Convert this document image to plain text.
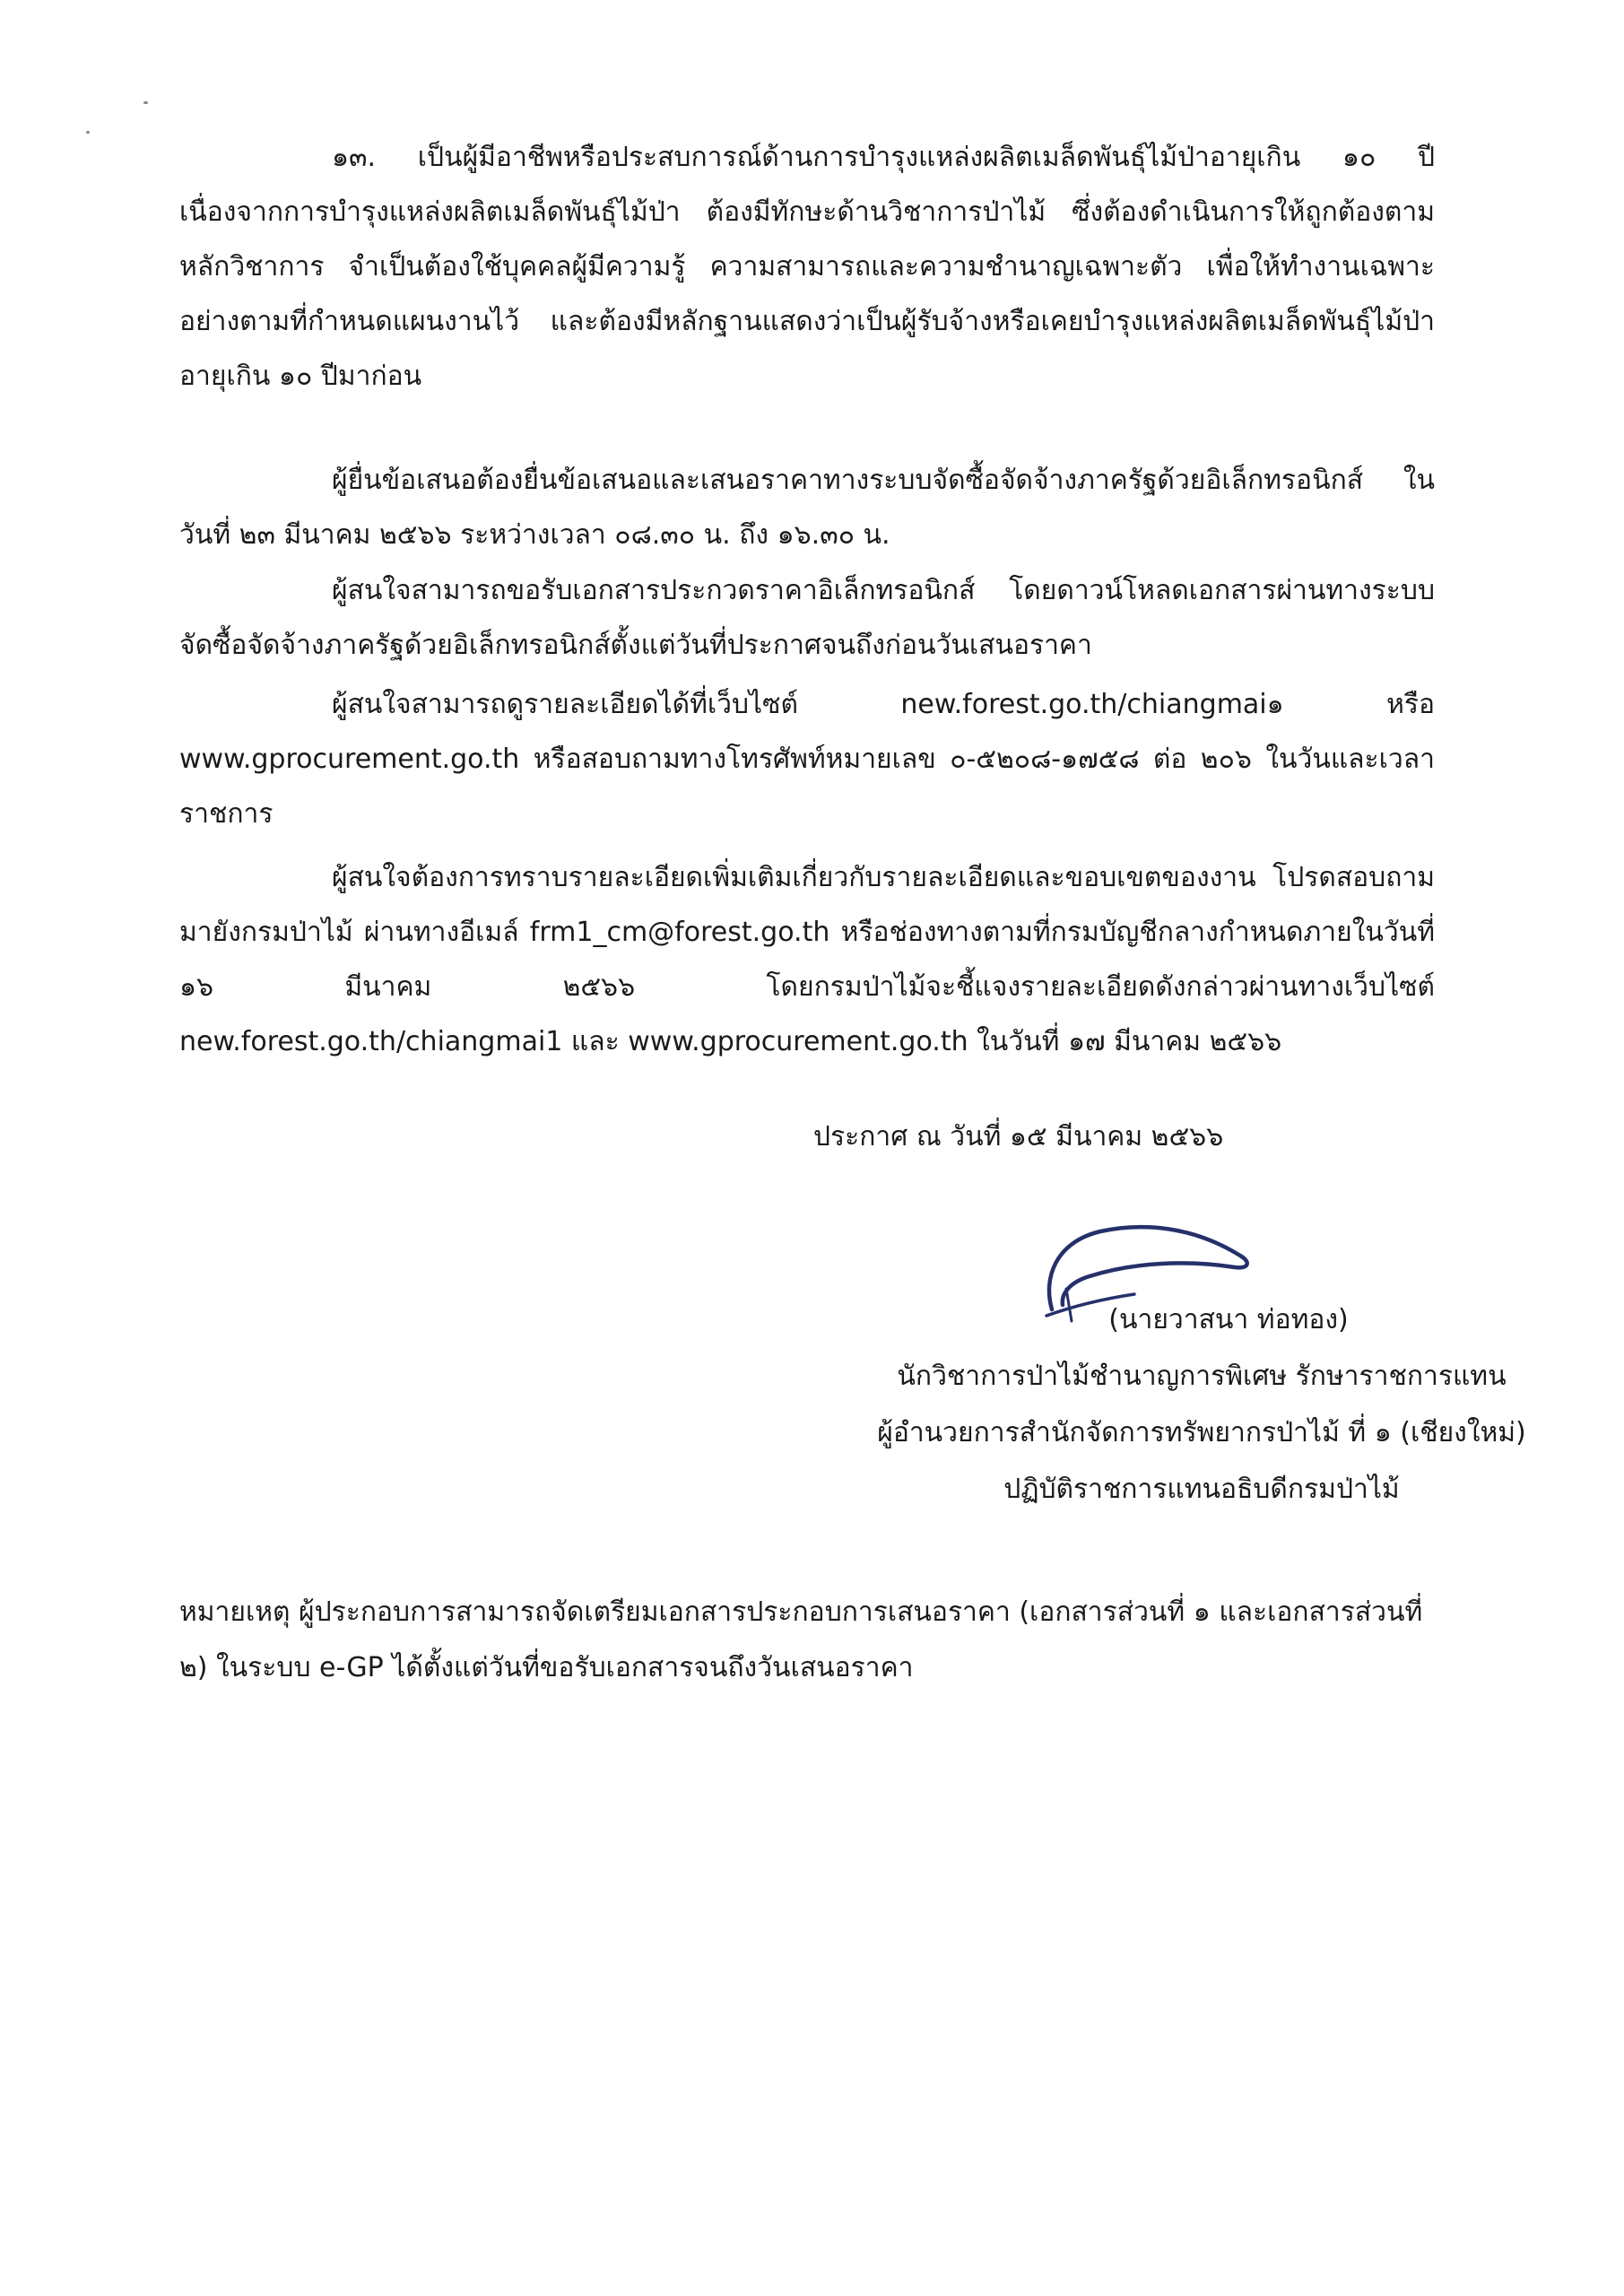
๑๓. เป็นผู้มีอาชีพหรือประสบการณ์ด้านการบำรุงแหล่งผลิตเมล็ดพันธุ์ไม้ป่าอายุเกิน ๑๐ ปี เนื่องจากการบำรุงแหล่งผลิตเมล็ดพันธุ์ไม้ป่า ต้องมีทักษะด้านวิชาการป่าไม้ ซึ่งต้องดำเนินการให้ถูกต้องตามหลักวิชาการ จำเป็นต้องใช้บุคคลผู้มีความรู้ ความสามารถและความชำนาญเฉพาะตัว เพื่อให้ทำงานเฉพาะอย่างตามที่กำหนดแผนงานไว้ และต้องมีหลักฐานแสดงว่าเป็นผู้รับจ้างหรือเคยบำรุงแหล่งผลิตเมล็ดพันธุ์ไม้ป่าอายุเกิน ๑๐ ปีมาก่อน

ผู้ยื่นข้อเสนอต้องยื่นข้อเสนอและเสนอราคาทางระบบจัดซื้อจัดจ้างภาครัฐด้วยอิเล็กทรอนิกส์ ในวันที่ ๒๓ มีนาคม ๒๕๖๖ ระหว่างเวลา ๐๘.๓๐ น. ถึง ๑๖.๓๐ น.

ผู้สนใจสามารถขอรับเอกสารประกวดราคาอิเล็กทรอนิกส์ โดยดาวน์โหลดเอกสารผ่านทางระบบจัดซื้อจัดจ้างภาครัฐด้วยอิเล็กทรอนิกส์ตั้งแต่วันที่ประกาศจนถึงก่อนวันเสนอราคา

ผู้สนใจสามารถดูรายละเอียดได้ที่เว็บไซต์ new.forest.go.th/chiangmai๑ หรือ www.gprocurement.go.th หรือสอบถามทางโทรศัพท์หมายเลข ๐-๕๒๐๘-๑๗๕๘ ต่อ ๒๐๖ ในวันและเวลาราชการ

ผู้สนใจต้องการทราบรายละเอียดเพิ่มเติมเกี่ยวกับรายละเอียดและขอบเขตของงาน โปรดสอบถามมายังกรมป่าไม้ ผ่านทางอีเมล์ frm1_cm@forest.go.th หรือช่องทางตามที่กรมบัญชีกลางกำหนดภายในวันที่ ๑๖ มีนาคม ๒๕๖๖ โดยกรมป่าไม้จะชี้แจงรายละเอียดดังกล่าวผ่านทางเว็บไซต์ new.forest.go.th/chiangmai1 และ www.gprocurement.go.th ในวันที่ ๑๗ มีนาคม ๒๕๖๖

ประกาศ ณ วันที่ ๑๕ มีนาคม ๒๕๖๖

(นายวาสนา ท่อทอง)

นักวิชาการป่าไม้ชำนาญการพิเศษ รักษาราชการแทน

ผู้อำนวยการสำนักจัดการทรัพยากรป่าไม้ ที่ ๑ (เชียงใหม่)

ปฏิบัติราชการแทนอธิบดีกรมป่าไม้

หมายเหตุ ผู้ประกอบการสามารถจัดเตรียมเอกสารประกอบการเสนอราคา (เอกสารส่วนที่ ๑ และเอกสารส่วนที่ ๒) ในระบบ e-GP ได้ตั้งแต่วันที่ขอรับเอกสารจนถึงวันเสนอราคา
